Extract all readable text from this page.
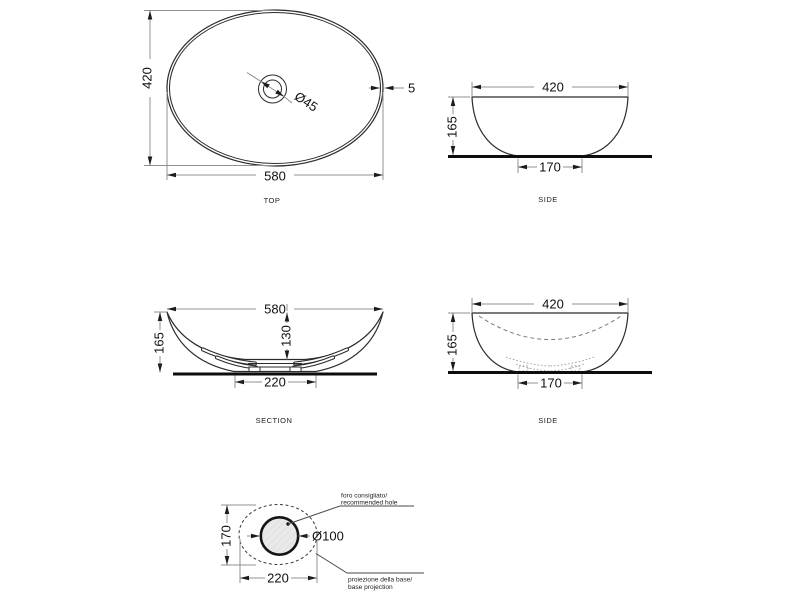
Ø45
420
580
5
TOP
420
165
170
SIDE
580
165	130
220
SECTION
420
165
170
SIDE
Ø100
170
220
foro consigliato/
recommended hole
proiezione della base/
base projection
